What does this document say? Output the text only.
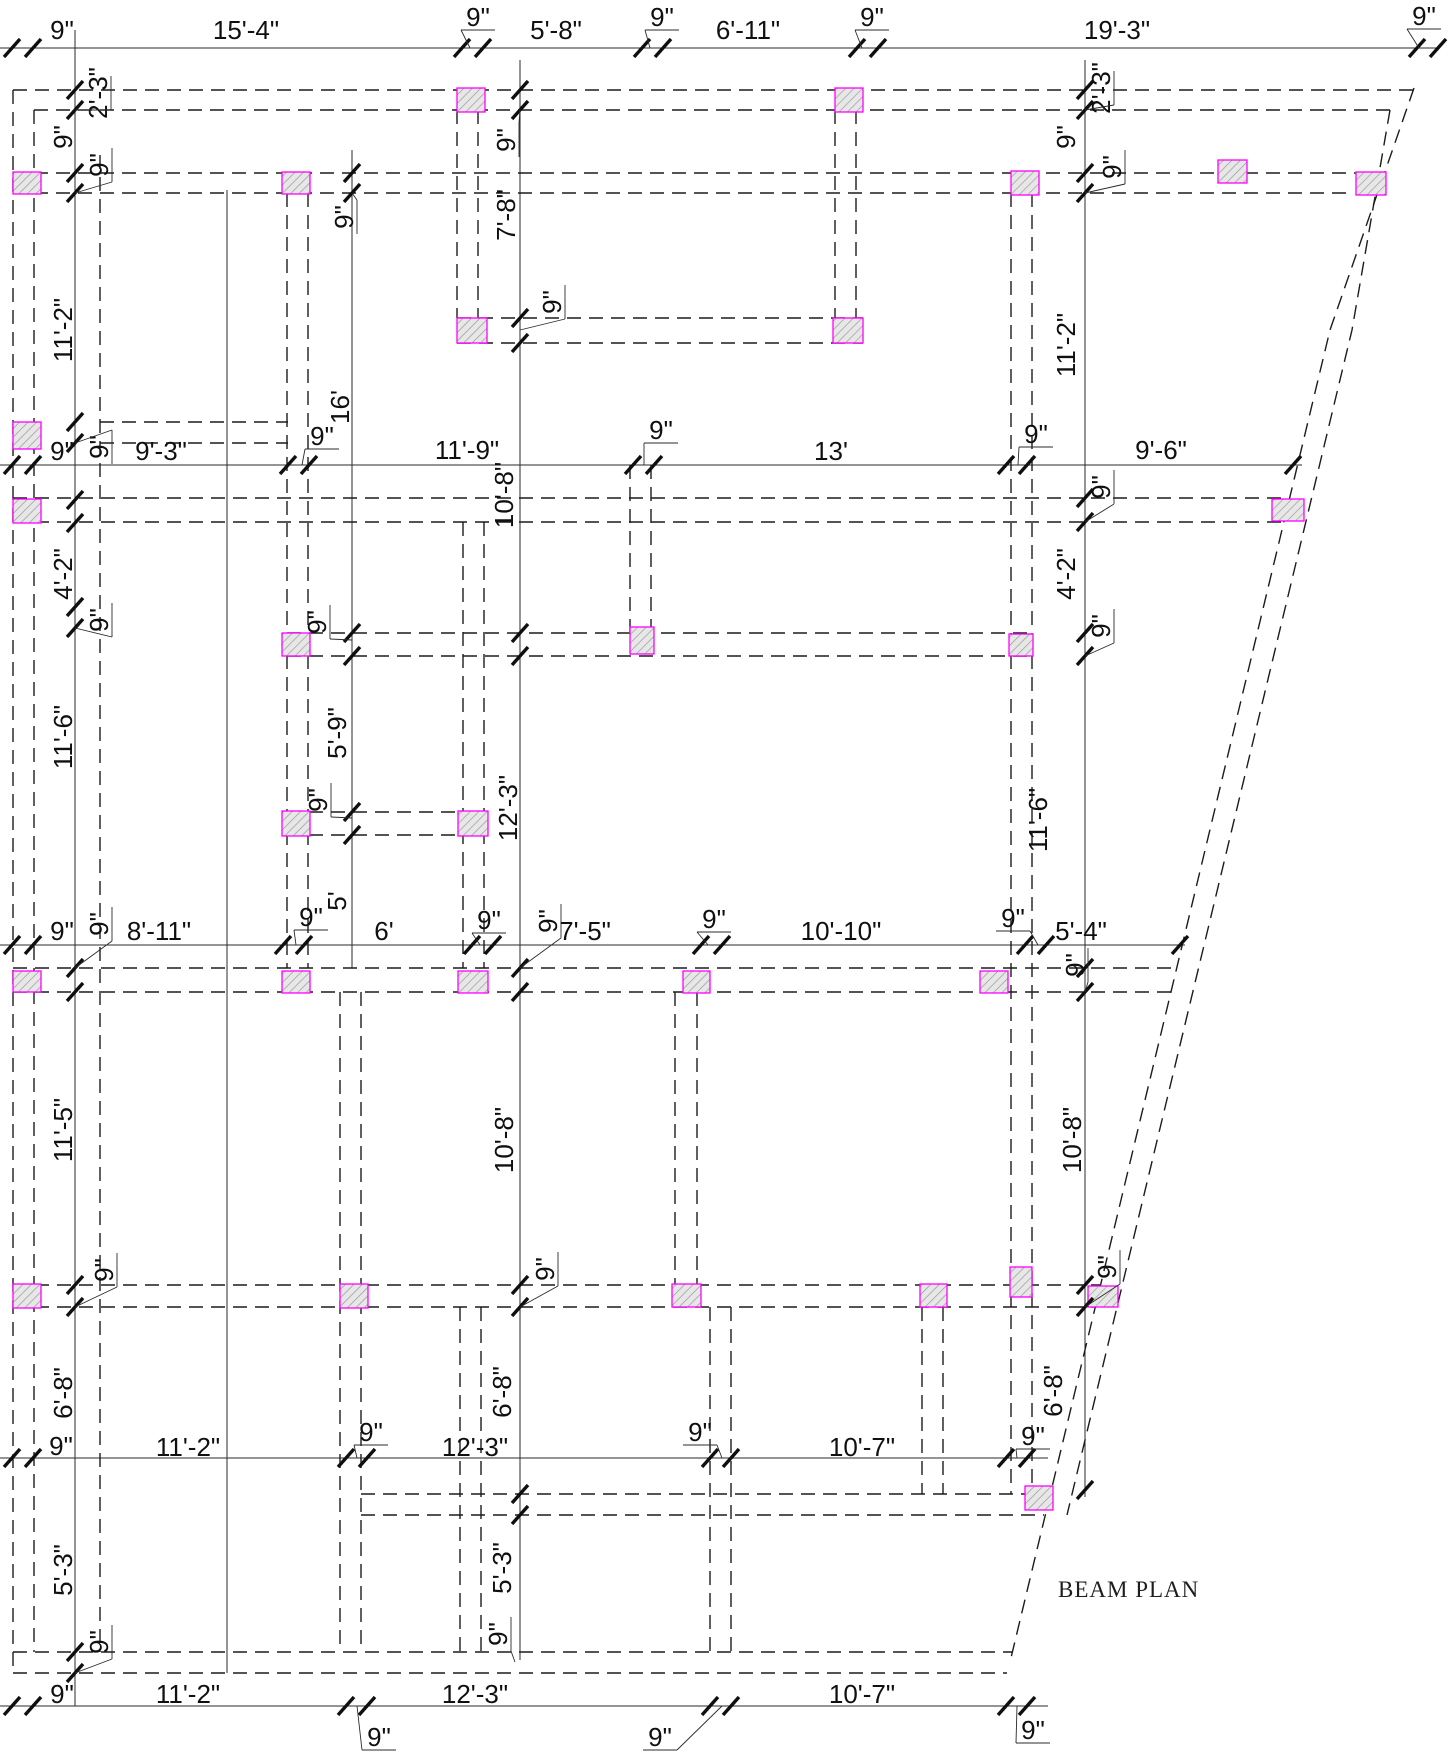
9"	15'-4"	9" 5'-8"	9" 6'-11"	9"	19'-3"	9"
9" 9'-3"	9"	11'-9"
9"
13'
9"
9'-6"
9" 8'-11"	9" 6'	9" 7'-5"	9"	10'-10"	9" 5'-4"
9"	11'-2"	9" 12'-3"	9"	10'-7"	9"
9"	11'-2"
9"
12'-3"
9"
10'-7"
9"
2'-3"
9"
9"
11'-2"
9"
4'-2"
9"
11'-6"
9"
11'-5"
9"
6'-8"
5'-3"
9"
9"
7'-8"
9"
10'-8"
12'-3"
9"
10'-8"
9"
6'-8"
5'-3"
9"
2'-3"
9"
9"
11'-2"
9"
4'-2"
9"
11'-6"
9"
10'-8"
9"
6'-8"
9"
16'
5'-9"
9"
5'
9"
BEAM PLAN
